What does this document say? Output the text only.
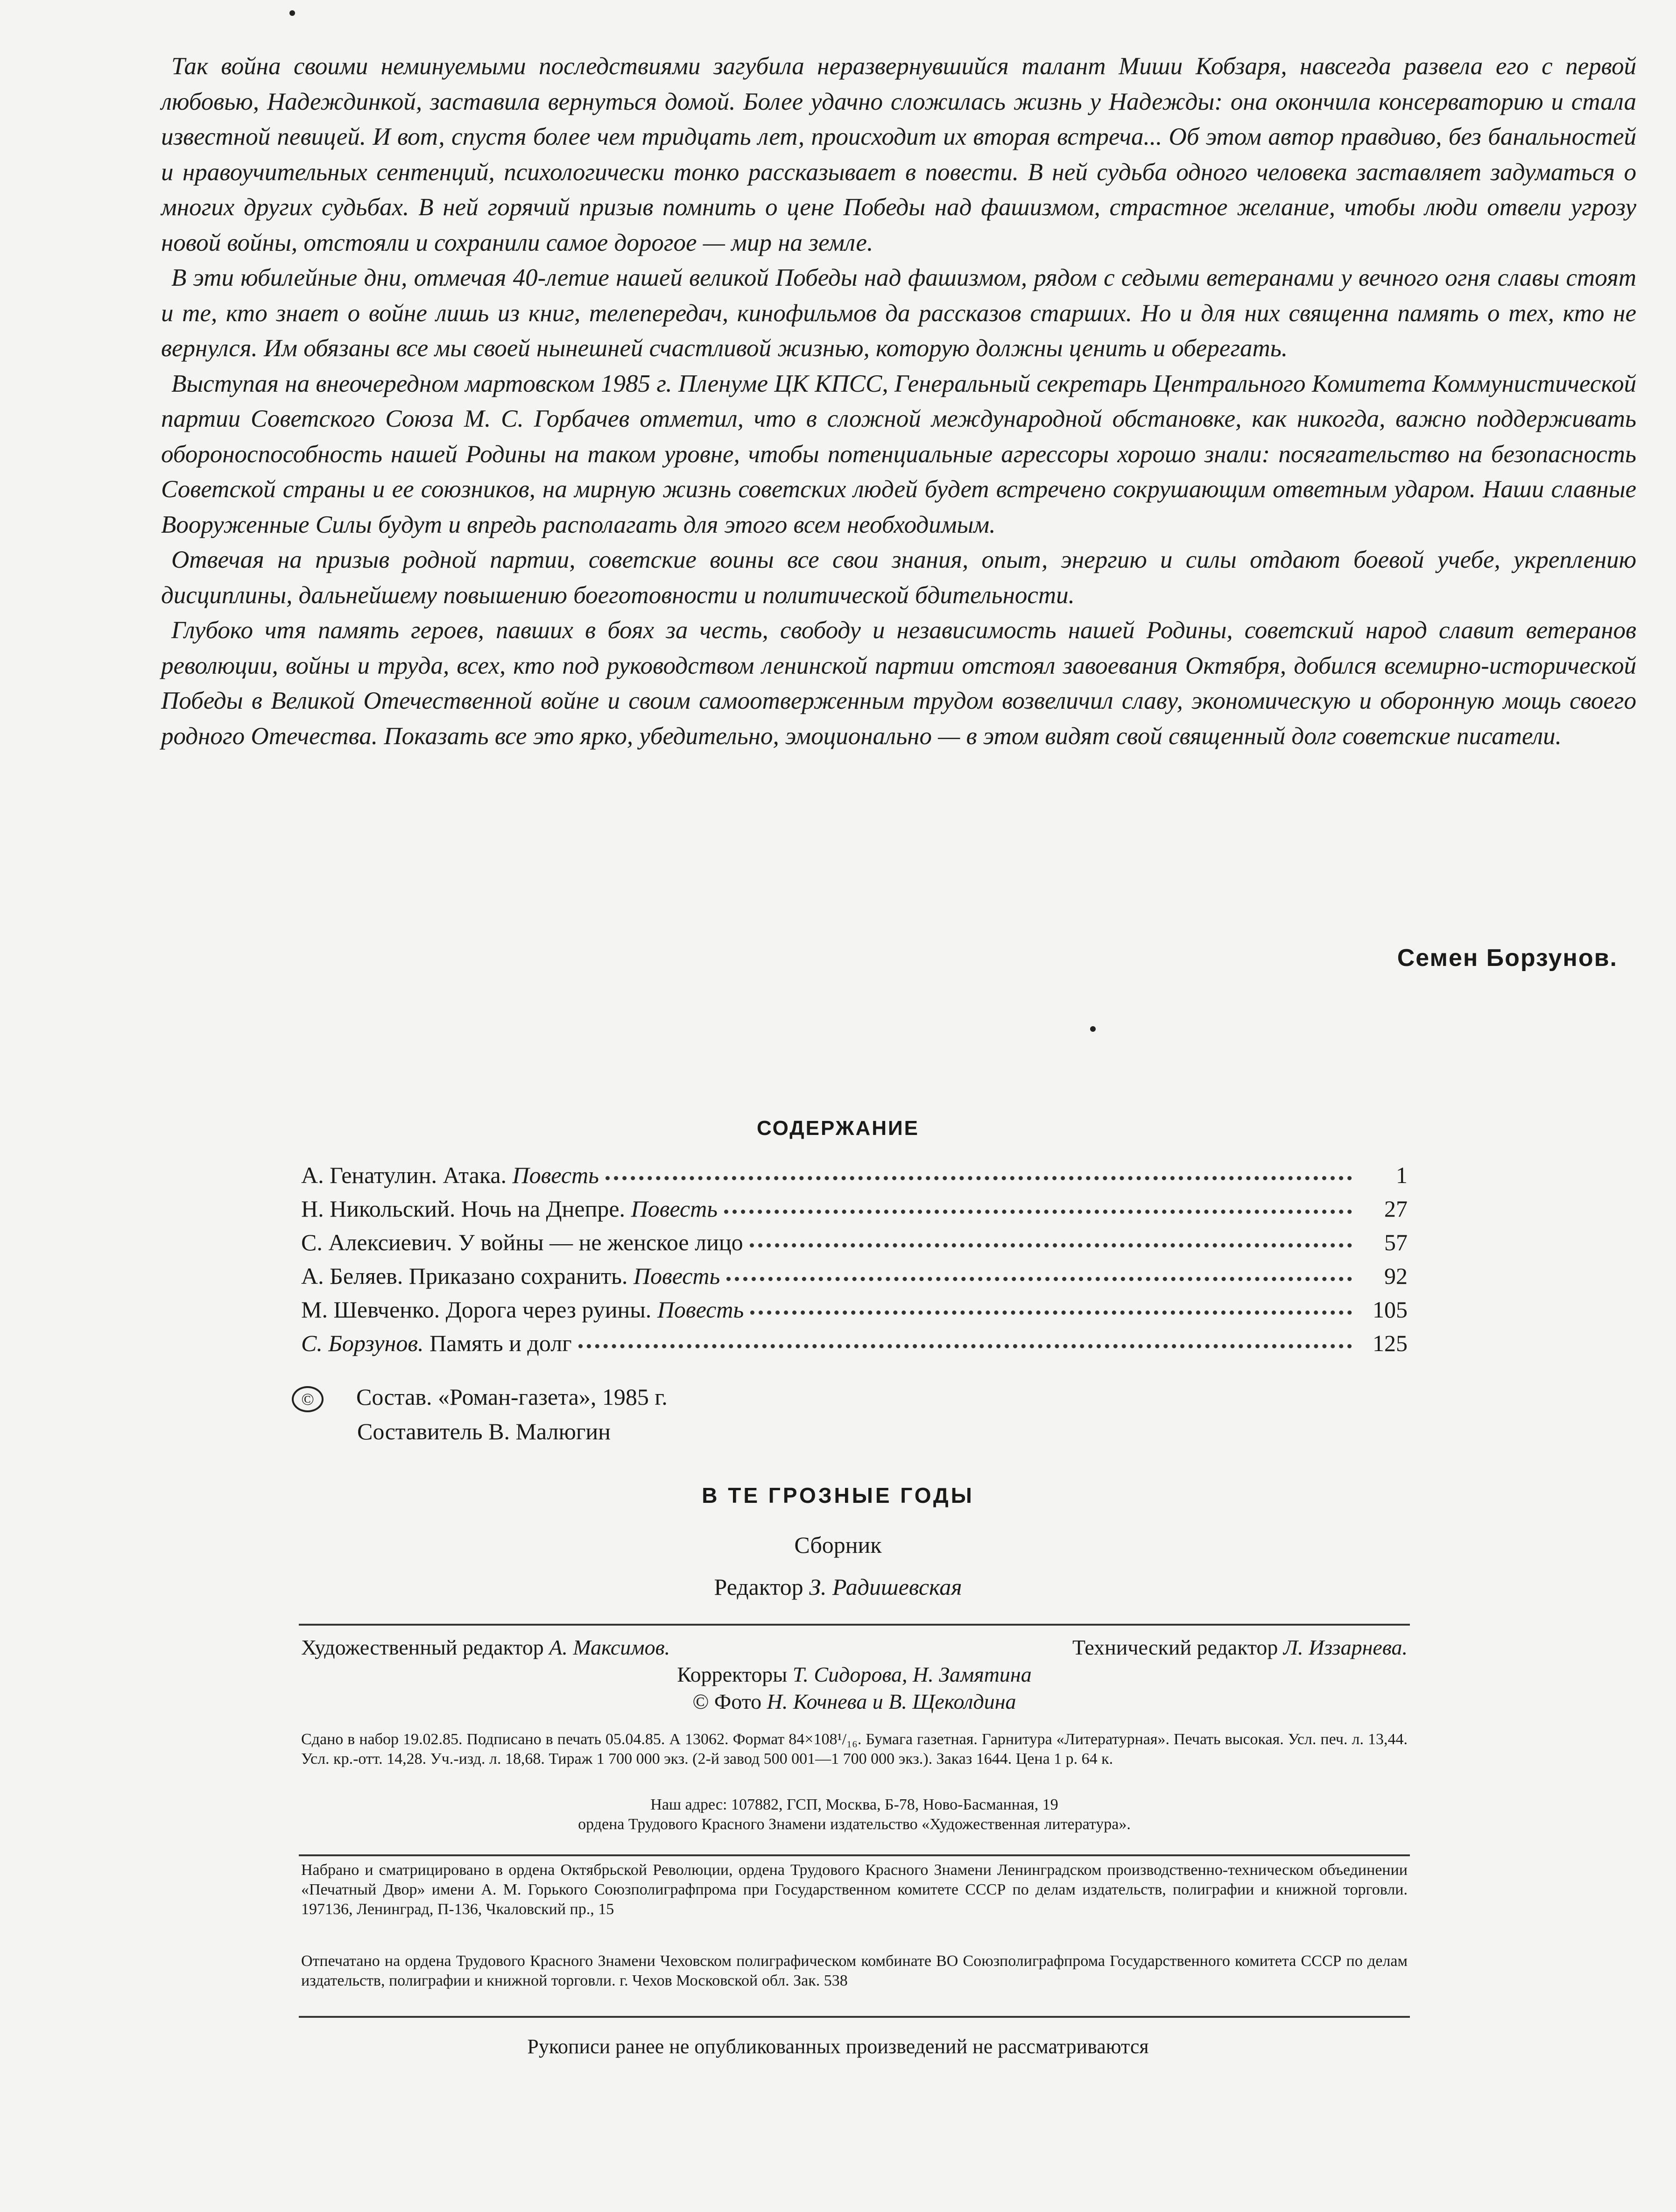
Так война своими неминуемыми последствиями загубила неразвернувшийся талант Миши Кобзаря, навсегда развела его с первой любовью, Надеждинкой, заставила вернуться домой. Более удачно сложилась жизнь у Надежды: она окончила консерваторию и стала известной певицей. И вот, спустя более чем тридцать лет, происходит их вторая встреча... Об этом автор правдиво, без банальностей и нравоучительных сентенций, психологически тонко рассказывает в повести. В ней судьба одного человека заставляет задуматься о многих других судьбах. В ней горячий призыв помнить о цене Победы над фашизмом, страстное желание, чтобы люди отвели угрозу новой войны, отстояли и сохранили самое дорогое — мир на земле.

В эти юбилейные дни, отмечая 40-летие нашей великой Победы над фашизмом, рядом с седыми ветеранами у вечного огня славы стоят и те, кто знает о войне лишь из книг, телепередач, кинофильмов да рассказов старших. Но и для них священна память о тех, кто не вернулся. Им обязаны все мы своей нынешней счастливой жизнью, которую должны ценить и оберегать.

Выступая на внеочередном мартовском 1985 г. Пленуме ЦК КПСС, Генеральный секретарь Центрального Комитета Коммунистической партии Советского Союза М. С. Горбачев отметил, что в сложной международной обстановке, как никогда, важно поддерживать обороноспособность нашей Родины на таком уровне, чтобы потенциальные агрессоры хорошо знали: посягательство на безопасность Советской страны и ее союзников, на мирную жизнь советских людей будет встречено сокрушающим ответным ударом. Наши славные Вооруженные Силы будут и впредь располагать для этого всем необходимым.

Отвечая на призыв родной партии, советские воины все свои знания, опыт, энергию и силы отдают боевой учебе, укреплению дисциплины, дальнейшему повышению боеготовности и политической бдительности.

Глубоко чтя память героев, павших в боях за честь, свободу и независимость нашей Родины, советский народ славит ветеранов революции, войны и труда, всех, кто под руководством ленинской партии отстоял завоевания Октября, добился всемирно-исторической Победы в Великой Отечественной войне и своим самоотверженным трудом возвеличил славу, экономическую и оборонную мощь своего родного Отечества. Показать все это ярко, убедительно, эмоционально — в этом видят свой священный долг советские писатели.

Семен Борзунов.
СОДЕРЖАНИЕ
А. Генатулин. Атака. Повесть	1
Н. Никольский. Ночь на Днепре. Повесть	27
С. Алексиевич. У войны — не женское лицо	57
А. Беляев. Приказано сохранить. Повесть	92
М. Шевченко. Дорога через руины. Повесть	105
С. Борзунов. Память и долг	125
© Состав. «Роман-газета», 1985 г.
Составитель В. Малюгин
В ТЕ ГРОЗНЫЕ ГОДЫ
Сборник
Редактор З. Радишевская
Художественный редактор А. Максимов.	Технический редактор Л. Иззарнева.
Корректоры Т. Сидорова, Н. Замятина
© Фото Н. Кочнева и В. Щеколдина
Сдано в набор 19.02.85. Подписано в печать 05.04.85. А 13062. Формат 84×108¹/₁₆. Бумага газетная. Гарнитура «Литературная». Печать высокая. Усл. печ. л. 13,44. Усл. кр.-отт. 14,28. Уч.-изд. л. 18,68. Тираж 1 700 000 экз. (2-й завод 500 001—1 700 000 экз.). Заказ 1644. Цена 1 р. 64 к.
Наш адрес: 107882, ГСП, Москва, Б-78, Ново-Басманная, 19
ордена Трудового Красного Знамени издательство «Художественная литература».
Набрано и сматрицировано в ордена Октябрьской Революции, ордена Трудового Красного Знамени Ленинградском производственно-техническом объединении «Печатный Двор» имени А. М. Горького Союзполиграфпрома при Государственном комитете СССР по делам издательств, полиграфии и книжной торговли. 197136, Ленинград, П-136, Чкаловский пр., 15
Отпечатано на ордена Трудового Красного Знамени Чеховском полиграфическом комбинате ВО Союзполиграфпрома Государственного комитета СССР по делам издательств, полиграфии и книжной торговли. г. Чехов Московской обл. Зак. 538
Рукописи ранее не опубликованных произведений не рассматриваются
